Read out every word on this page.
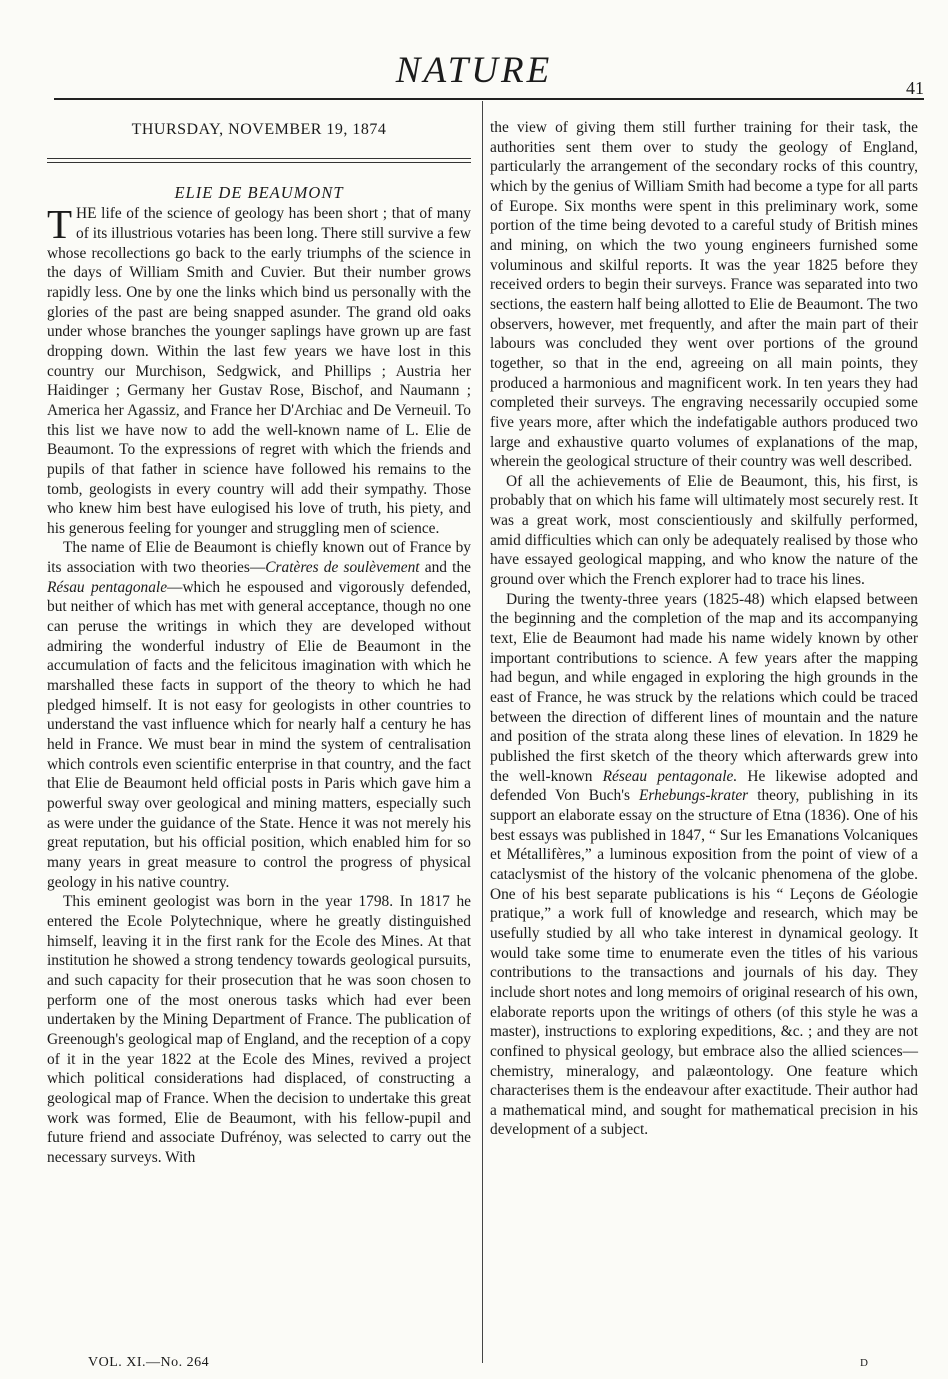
NATURE	41
THURSDAY, NOVEMBER 19, 1874
ELIE DE BEAUMONT

THE life of the science of geology has been short ; that of many of its illustrious votaries has been long. There still survive a few whose recollections go back to the early triumphs of the science in the days of William Smith and Cuvier. But their number grows rapidly less. One by one the links which bind us personally with the glories of the past are being snapped asunder. The grand old oaks under whose branches the younger saplings have grown up are fast dropping down. Within the last few years we have lost in this country our Murchison, Sedgwick, and Phillips ; Austria her Haidinger ; Germany her Gustav Rose, Bischof, and Naumann ; America her Agassiz, and France her D'Archiac and De Verneuil. To this list we have now to add the well-known name of L. Elie de Beaumont. To the expressions of regret with which the friends and pupils of that father in science have followed his remains to the tomb, geologists in every country will add their sympathy. Those who knew him best have eulogised his love of truth, his piety, and his generous feeling for younger and struggling men of science.

The name of Elie de Beaumont is chiefly known out of France by its association with two theories—Cratères de soulèvement and the Résau pentagonale—which he espoused and vigorously defended, but neither of which has met with general acceptance, though no one can peruse the writings in which they are developed without admiring the wonderful industry of Elie de Beaumont in the accumulation of facts and the felicitous imagination with which he marshalled these facts in support of the theory to which he had pledged himself. It is not easy for geologists in other countries to understand the vast influence which for nearly half a century he has held in France. We must bear in mind the system of centralisation which controls even scientific enterprise in that country, and the fact that Elie de Beaumont held official posts in Paris which gave him a powerful sway over geological and mining matters, especially such as were under the guidance of the State. Hence it was not merely his great reputation, but his official position, which enabled him for so many years in great measure to control the progress of physical geology in his native country.

This eminent geologist was born in the year 1798. In 1817 he entered the Ecole Polytechnique, where he greatly distinguished himself, leaving it in the first rank for the Ecole des Mines. At that institution he showed a strong tendency towards geological pursuits, and such capacity for their prosecution that he was soon chosen to perform one of the most onerous tasks which had ever been undertaken by the Mining Department of France. The publication of Greenough's geological map of England, and the reception of a copy of it in the year 1822 at the Ecole des Mines, revived a project which political considerations had displaced, of constructing a geological map of France. When the decision to undertake this great work was formed, Elie de Beaumont, with his fellow-pupil and future friend and associate Dufrénoy, was selected to carry out the necessary surveys. With

the view of giving them still further training for their task, the authorities sent them over to study the geology of England, particularly the arrangement of the secondary rocks of this country, which by the genius of William Smith had become a type for all parts of Europe. Six months were spent in this preliminary work, some portion of the time being devoted to a careful study of British mines and mining, on which the two young engineers furnished some voluminous and skilful reports. It was the year 1825 before they received orders to begin their surveys. France was separated into two sections, the eastern half being allotted to Elie de Beaumont. The two observers, however, met frequently, and after the main part of their labours was concluded they went over portions of the ground together, so that in the end, agreeing on all main points, they produced a harmonious and magnificent work. In ten years they had completed their surveys. The engraving necessarily occupied some five years more, after which the indefatigable authors produced two large and exhaustive quarto volumes of explanations of the map, wherein the geological structure of their country was well described.

Of all the achievements of Elie de Beaumont, this, his first, is probably that on which his fame will ultimately most securely rest. It was a great work, most conscientiously and skilfully performed, amid difficulties which can only be adequately realised by those who have essayed geological mapping, and who know the nature of the ground over which the French explorer had to trace his lines.

During the twenty-three years (1825-48) which elapsed between the beginning and the completion of the map and its accompanying text, Elie de Beaumont had made his name widely known by other important contributions to science. A few years after the mapping had begun, and while engaged in exploring the high grounds in the east of France, he was struck by the relations which could be traced between the direction of different lines of mountain and the nature and position of the strata along these lines of elevation. In 1829 he published the first sketch of the theory which afterwards grew into the well-known Réseau pentagonale. He likewise adopted and defended Von Buch's Erhebungs-krater theory, publishing in its support an elaborate essay on the structure of Etna (1836). One of his best essays was published in 1847, “ Sur les Emanations Volcaniques et Métallifères,” a luminous exposition from the point of view of a cataclysmist of the history of the volcanic phenomena of the globe. One of his best separate publications is his “ Leçons de Géologie pratique,” a work full of knowledge and research, which may be usefully studied by all who take interest in dynamical geology. It would take some time to enumerate even the titles of his various contributions to the transactions and journals of his day. They include short notes and long memoirs of original research of his own, elaborate reports upon the writings of others (of this style he was a master), instructions to exploring expeditions, &c. ; and they are not confined to physical geology, but embrace also the allied sciences—chemistry, mineralogy, and palæontology. One feature which characterises them is the endeavour after exactitude. Their author had a mathematical mind, and sought for mathematical precision in his development of a subject.

VOL. XI.—No. 264	D
